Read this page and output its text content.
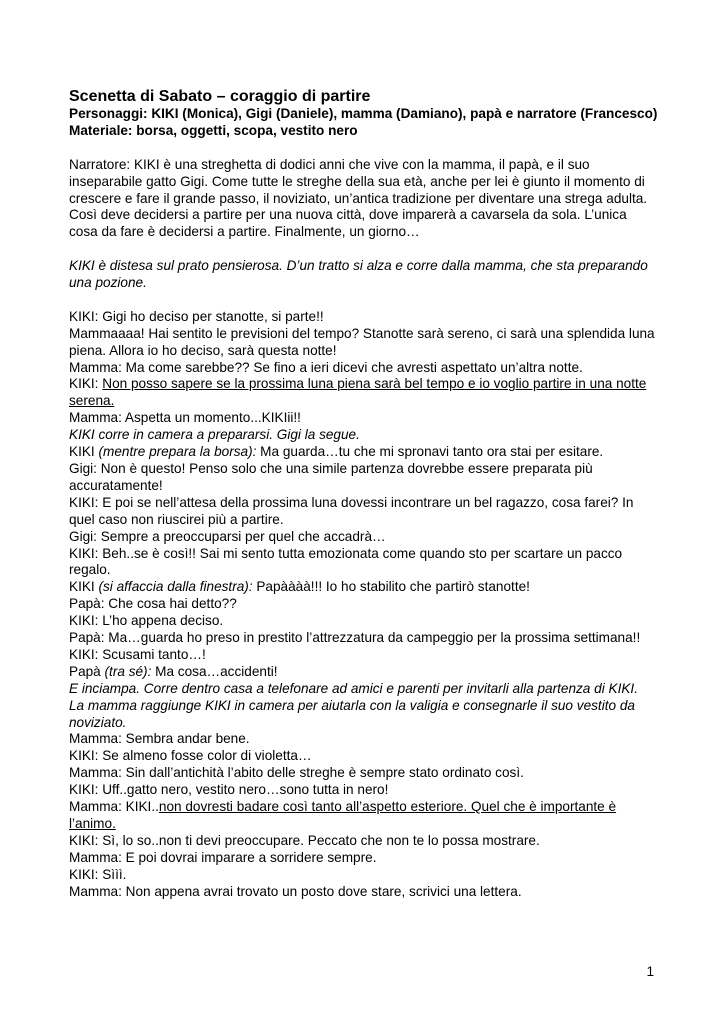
Scenetta di Sabato – coraggio di partire

Personaggi: KIKI (Monica), Gigi (Daniele), mamma (Damiano), papà e narratore (Francesco)

Materiale: borsa, oggetti, scopa, vestito nero

Narratore: KIKI è una streghetta di dodici anni che vive con la mamma, il papà, e il suo inseparabile gatto Gigi. Come tutte le streghe della sua età, anche per lei è giunto il momento di crescere e fare il grande passo, il noviziato, un’antica tradizione per diventare una strega adulta. Così deve decidersi a partire per una nuova città, dove imparerà a cavarsela da sola. L’unica cosa da fare è decidersi a partire. Finalmente, un giorno…

KIKI è distesa sul prato pensierosa. D’un tratto si alza e corre dalla mamma, che sta preparando una pozione.

KIKI: Gigi ho deciso per stanotte, si parte!!

Mammaaaa! Hai sentito le previsioni del tempo? Stanotte sarà sereno, ci sarà una splendida luna piena. Allora io ho deciso, sarà questa notte!

Mamma: Ma come sarebbe?? Se fino a ieri dicevi che avresti aspettato un’altra notte.

KIKI: Non posso sapere se la prossima luna piena sarà bel tempo e io voglio partire in una notte serena.

Mamma: Aspetta un momento...KIKIii!!

KIKI corre in camera a prepararsi. Gigi la segue.

KIKI (mentre prepara la borsa): Ma guarda…tu che mi spronavi tanto ora stai per esitare.

Gigi: Non è questo! Penso solo che una simile partenza dovrebbe essere preparata più accuratamente!

KIKI: E poi se nell’attesa della prossima luna dovessi incontrare un bel ragazzo, cosa farei? In quel caso non riuscirei più a partire.

Gigi: Sempre a preoccuparsi per quel che accadrà…

KIKI: Beh..se è così!! Sai mi sento tutta emozionata come quando sto per scartare un pacco regalo.

KIKI (si affaccia dalla finestra): Papàààà!!! Io ho stabilito che partirò stanotte!

Papà: Che cosa hai detto??

KIKI: L’ho appena deciso.

Papà: Ma…guarda ho preso in prestito l’attrezzatura da campeggio per la prossima settimana!!

KIKI: Scusami tanto…!

Papà (tra sé): Ma cosa…accidenti!

E inciampa. Corre dentro casa a telefonare ad amici e parenti per invitarli alla partenza di KIKI.

La mamma raggiunge KIKI in camera per aiutarla con la valigia e consegnarle il suo vestito da noviziato.

Mamma: Sembra andar bene.

KIKI: Se almeno fosse color di violetta…

Mamma: Sin dall’antichità l’abito delle streghe è sempre stato ordinato così.

KIKI: Uff..gatto nero, vestito nero…sono tutta in nero!

Mamma: KIKI..non dovresti badare così tanto all’aspetto esteriore. Quel che è importante è l’animo.

KIKI: Sì, lo so..non ti devi preoccupare. Peccato che non te lo possa mostrare.

Mamma: E poi dovrai imparare a sorridere sempre.

KIKI: Sììì.

Mamma: Non appena avrai trovato un posto dove stare, scrivici una lettera.

1
